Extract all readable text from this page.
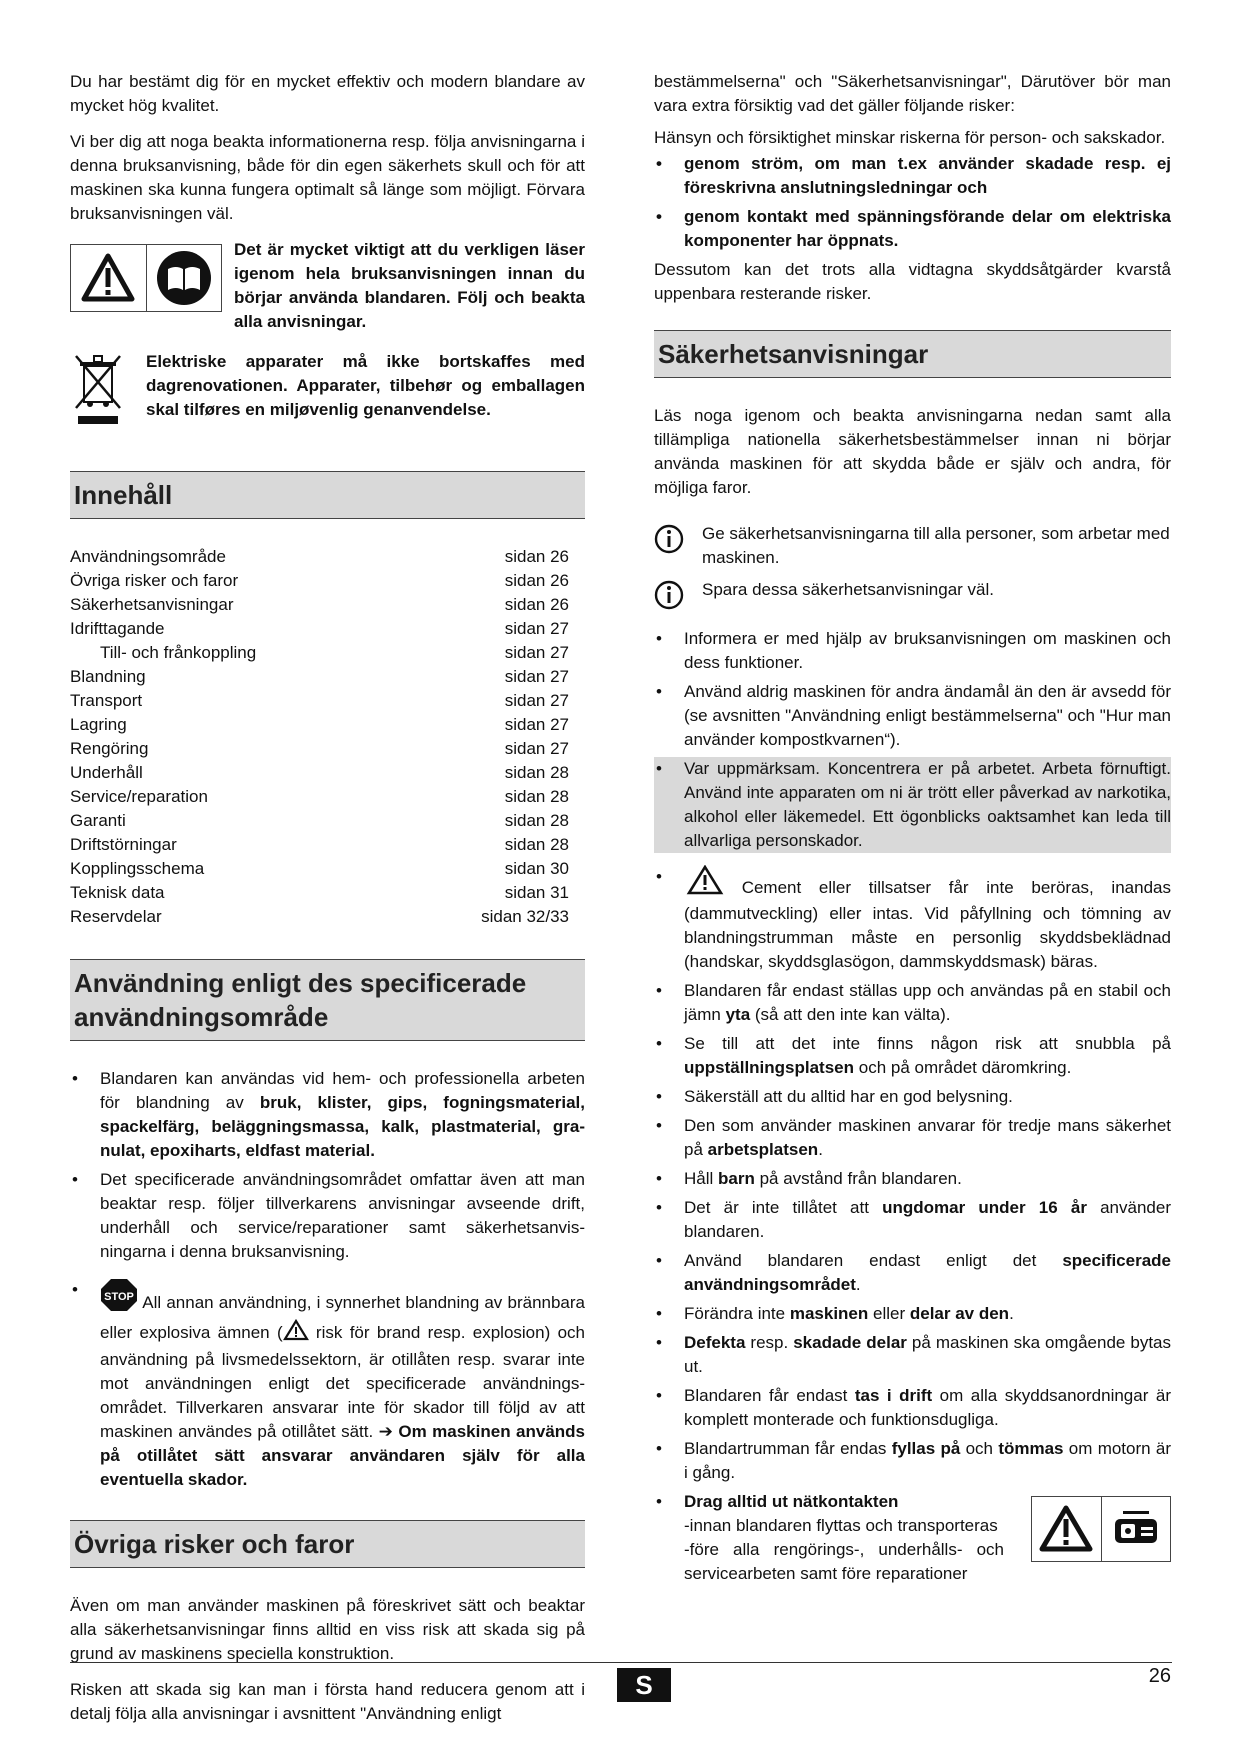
Du har bestämt dig för en mycket effektiv och modern blandare av mycket hög kvalitet.

Vi ber dig att noga beakta informationerna resp. följa anvisningarna i denna bruksanvisning, både för din egen säkerhets skull och för att maskinen ska kunna fungera optimalt så länge som möjligt. Förvara bruksanvisningen väl.

Det är mycket viktigt att du verkligen läser igenom hela bruksanvisningen innan du börjar använda blandaren. Följ och beakta alla anvisningar.
Elektriske apparater må ikke bortskaffes med dagrenovationen. Apparater, tilbehør og emballagen skal tilføres en miljøvenlig genanvendelse.
Innehåll
Användningsområde	sidan 26
Övriga risker och faror	sidan 26
Säkerhetsanvisningar	sidan 26
Idrifttagande	sidan 27
Till- och frånkoppling	sidan 27
Blandning	sidan 27
Transport	sidan 27
Lagring	sidan 27
Rengöring	sidan 27
Underhåll	sidan 28
Service/reparation	sidan 28
Garanti	sidan 28
Driftstörningar	sidan 28
Kopplingsschema	sidan 30
Teknisk data	sidan 31
Reservdelar	sidan 32/33
Användning enligt des specificerade
användningsområde
• Blandaren kan användas vid hem- och professionella arbeten för blandning av bruk, klister, gips, fogningsmaterial, spackelfärg, beläggningsmassa, kalk, plastmaterial, gra-nulat, epoxiharts, eldfast material.
• Det specificerade användningsområdet omfattar även att man beaktar resp. följer tillverkarens anvisningar avseende drift, underhåll och service/reparationer samt säkerhetsanvis-ningarna i denna bruksanvisning.
• STOP All annan användning, i synnerhet blandning av brännbara eller explosiva ämnen ( risk för brand resp. explosion) och användning på livsmedelssektorn, är otillåten resp. svarar inte mot användningen enligt det specificerade användnings-området. Tillverkaren ansvarar inte för skador till följd av att maskinen användes på otillåtet sätt. ➔ Om maskinen används på otillåtet sätt ansvarar användaren själv för alla eventuella skador.
Övriga risker och faror

Även om man använder maskinen på föreskrivet sätt och beaktar alla säkerhetsanvisningar finns alltid en viss risk att skada sig på grund av maskinens speciella konstruktion.

Risken att skada sig kan man i första hand reducera genom att i detalj följa alla anvisningar i avsnittent "Användning enligt

bestämmelserna" och "Säkerhetsanvisningar", Därutöver bör man vara extra försiktig vad det gäller följande risker:

Hänsyn och försiktighet minskar riskerna för person- och sakskador.

• genom ström, om man t.ex använder skadade resp. ej föreskrivna anslutningsledningar och
• genom kontakt med spänningsförande delar om elektriska komponenter har öppnats.

Dessutom kan det trots alla vidtagna skyddsåtgärder kvarstå uppenbara resterande risker.

Säkerhetsanvisningar

Läs noga igenom och beakta anvisningarna nedan samt alla tillämpliga nationella säkerhetsbestämmelser innan ni börjar använda maskinen för att skydda både er själv och andra, för möjliga faror.

Ge säkerhetsanvisningarna till alla personer, som arbetar med maskinen.
Spara dessa säkerhetsanvisningar väl.
• Informera er med hjälp av bruksanvisningen om maskinen och dess funktioner.
• Använd aldrig maskinen för andra ändamål än den är avsedd för (se avsnitten "Användning enligt bestämmelserna" och "Hur man använder kompostkvarnen“).
• Var uppmärksam. Koncentrera er på arbetet. Arbeta förnuftigt. Använd inte apparaten om ni är trött eller påverkad av narkotika, alkohol eller läkemedel. Ett ögonblicks oaktsamhet kan leda till allvarliga personskador.
• Cement eller tillsatser får inte beröras, inandas (dammutveckling) eller intas. Vid påfyllning och tömning av blandningstrumman måste en personlig skyddsbeklädnad (handskar, skyddsglasögon, dammskyddsmask) bäras.
• Blandaren får endast ställas upp och användas på en stabil och jämn yta (så att den inte kan välta).
• Se till att det inte finns någon risk att snubbla på uppställningsplatsen och på området däromkring.
• Säkerställ att du alltid har en god belysning.
• Den som använder maskinen anvarar för tredje mans säkerhet på arbetsplatsen.
• Håll barn på avstånd från blandaren.
• Det är inte tillåtet att ungdomar under 16 år använder blandaren.
• Använd blandaren endast enligt det specificerade användningsområdet.
• Förändra inte maskinen eller delar av den.
• Defekta resp. skadade delar på maskinen ska omgående bytas ut.
• Blandaren får endast tas i drift om alla skyddsanordningar är komplett monterade och funktionsdugliga.
• Blandartrumman får endas fyllas på och tömmas om motorn är i gång.
• Drag alltid ut nätkontakten
-innan blandaren flyttas och transporteras
-före alla rengörings-, underhålls- och servicearbeten samt före reparationer
S	26
